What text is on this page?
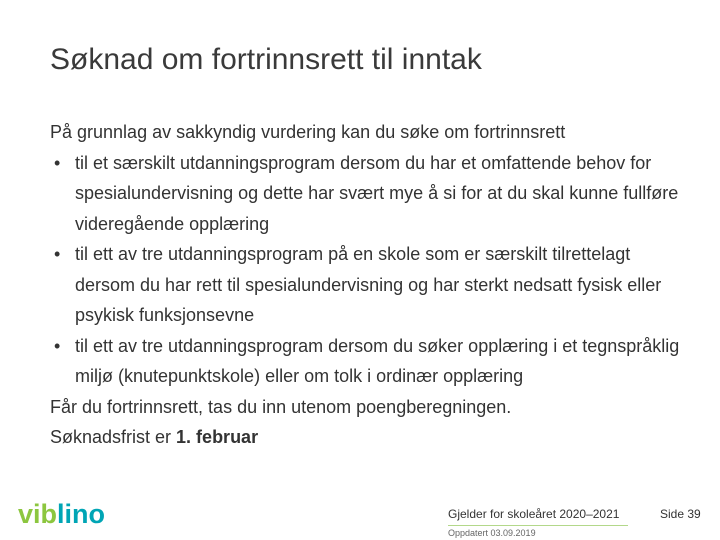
Søknad om fortrinnsrett til inntak

På grunnlag av sakkyndig vurdering kan du søke om fortrinnsrett

• til et særskilt utdanningsprogram dersom du har et omfattende behov for spesialundervisning og dette har svært mye å si for at du skal kunne fullføre videregående opplæring
• til ett av tre utdanningsprogram på en skole som er særskilt tilrettelagt dersom du har rett til spesialundervisning og har sterkt nedsatt fysisk eller psykisk funksjonsevne
• til ett av tre utdanningsprogram dersom du søker opplæring i et tegnspråklig miljø (knutepunktskole) eller om tolk i ordinær opplæring

Får du fortrinnsrett, tas du inn utenom poengberegningen.

Søknadsfrist er 1. februar

viblino	Gjelder for skoleåret 2020–2021
Oppdatert 03.09.2019
Side 39
